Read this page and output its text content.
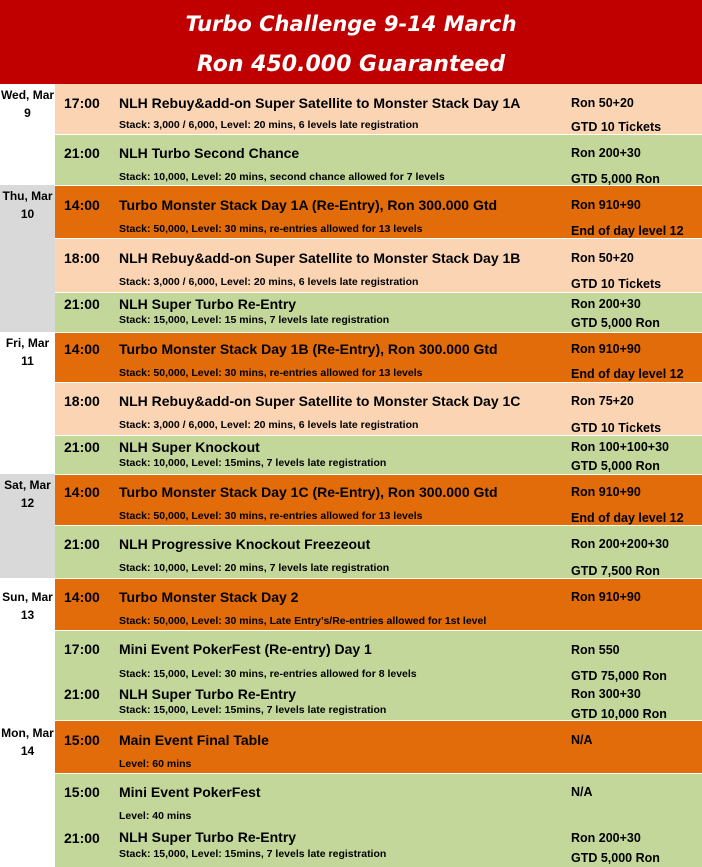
Turbo Challenge 9-14 March
Ron 450.000 Guaranteed
Wed, Mar 9
Thu, Mar 10
Fri, Mar 11
Sat, Mar 12
Sun, Mar 13
Mon, Mar 14
17:00 NLH Rebuy&add-on Super Satellite to Monster Stack Day 1A
Stack: 3,000 / 6,000, Level: 20 mins, 6 levels late registration
Ron 50+20
GTD 10 Tickets
21:00 NLH Turbo Second Chance
Stack: 10,000, Level: 20 mins, second chance allowed for 7 levels
Ron 200+30
GTD 5,000 Ron
14:00 Turbo Monster Stack Day 1A (Re-Entry), Ron 300.000 Gtd
Stack: 50,000, Level: 30 mins, re-entries allowed for 13 levels
Ron 910+90
End of day level 12
18:00 NLH Rebuy&add-on Super Satellite to Monster Stack Day 1B
Stack: 3,000 / 6,000, Level: 20 mins, 6 levels late registration
Ron 50+20
GTD 10 Tickets
21:00 NLH Super Turbo Re-Entry
Stack: 15,000, Level: 15 mins, 7 levels late registration
Ron 200+30
GTD 5,000 Ron
14:00 Turbo Monster Stack Day 1B (Re-Entry), Ron 300.000 Gtd
Stack: 50,000, Level: 30 mins, re-entries allowed for 13 levels
Ron 910+90
End of day level 12
18:00 NLH Rebuy&add-on Super Satellite to Monster Stack Day 1C
Stack: 3,000 / 6,000, Level: 20 mins, 6 levels late registration
Ron 75+20
GTD 10 Tickets
21:00 NLH Super Knockout
Stack: 10,000, Level: 15mins, 7 levels late registration
Ron 100+100+30
GTD 5,000 Ron
14:00 Turbo Monster Stack Day 1C (Re-Entry), Ron 300.000 Gtd
Stack: 50,000, Level: 30 mins, re-entries allowed for 13 levels
Ron 910+90
End of day level 12
21:00 NLH Progressive Knockout Freezeout
Stack: 10,000, Level: 20 mins, 7 levels late registration
Ron 200+200+30
GTD 7,500 Ron
14:00 Turbo Monster Stack Day 2
Stack: 50,000, Level: 30 mins, Late Entry’s/Re-entries allowed for 1st level
Ron 910+90
17:00 Mini Event PokerFest (Re-entry) Day 1
Stack: 15,000, Level: 30 mins, re-entries allowed for 8 levels
Ron 550
GTD 75,000 Ron
21:00 NLH Super Turbo Re-Entry
Stack: 15,000, Level: 15mins, 7 levels late registration
Ron 300+30
GTD 10,000 Ron
15:00 Main Event Final Table
Level: 60 mins
N/A
15:00 Mini Event PokerFest
Level: 40 mins
N/A
21:00 NLH Super Turbo Re-Entry
Stack: 15,000, Level: 15mins, 7 levels late registration
Ron 200+30
GTD 5,000 Ron
